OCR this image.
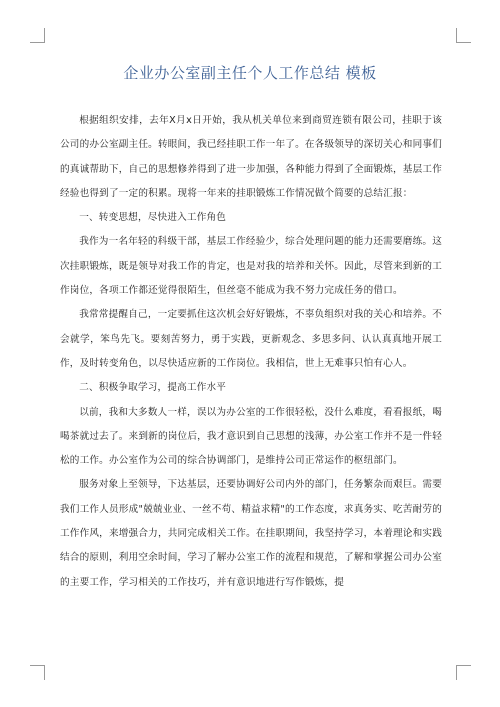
企业办公室副主任个人工作总结 模板

根据组织安排，去年X月x日开始，我从机关单位来到商贸连锁有限公司，挂职于该公司的办公室副主任。转眼间，我已经挂职工作一年了。在各级领导的深切关心和同事们的真诚帮助下，自己的思想修养得到了进一步加强，各种能力得到了全面锻炼，基层工作经验也得到了一定的积累。现将一年来的挂职锻炼工作情况做个简要的总结汇报：

一、转变思想，尽快进入工作角色

我作为一名年轻的科级干部，基层工作经验少，综合处理问题的能力还需要磨练。这次挂职锻炼，既是领导对我工作的肯定，也是对我的培养和关怀。因此，尽管来到新的工作岗位，各项工作都还觉得很陌生，但丝毫不能成为我不努力完成任务的借口。

我常常提醒自己，一定要抓住这次机会好好锻炼，不辜负组织对我的关心和培养。不会就学，笨鸟先飞。要刻苦努力，勇于实践，更新观念、多思多问、认认真真地开展工作，及时转变角色，以尽快适应新的工作岗位。我相信，世上无难事只怕有心人。

二、积极争取学习，提高工作水平

以前，我和大多数人一样，误以为办公室的工作很轻松，没什么难度，看看报纸，喝喝茶就过去了。来到新的岗位后，我才意识到自己思想的浅薄，办公室工作并不是一件轻松的工作。办公室作为公司的综合协调部门，是维持公司正常运作的枢纽部门。

服务对象上至领导，下达基层，还要协调好公司内外的部门，任务繁杂而艰巨。需要我们工作人员形成"兢兢业业、一丝不苟、精益求精"的工作态度，求真务实、吃苦耐劳的工作作风，来增强合力，共同完成相关工作。在挂职期间，我坚持学习，本着理论和实践结合的原则，利用空余时间，学习了解办公室工作的流程和规范，了解和掌握公司办公室的主要工作，学习相关的工作技巧，并有意识地进行写作锻炼，提
